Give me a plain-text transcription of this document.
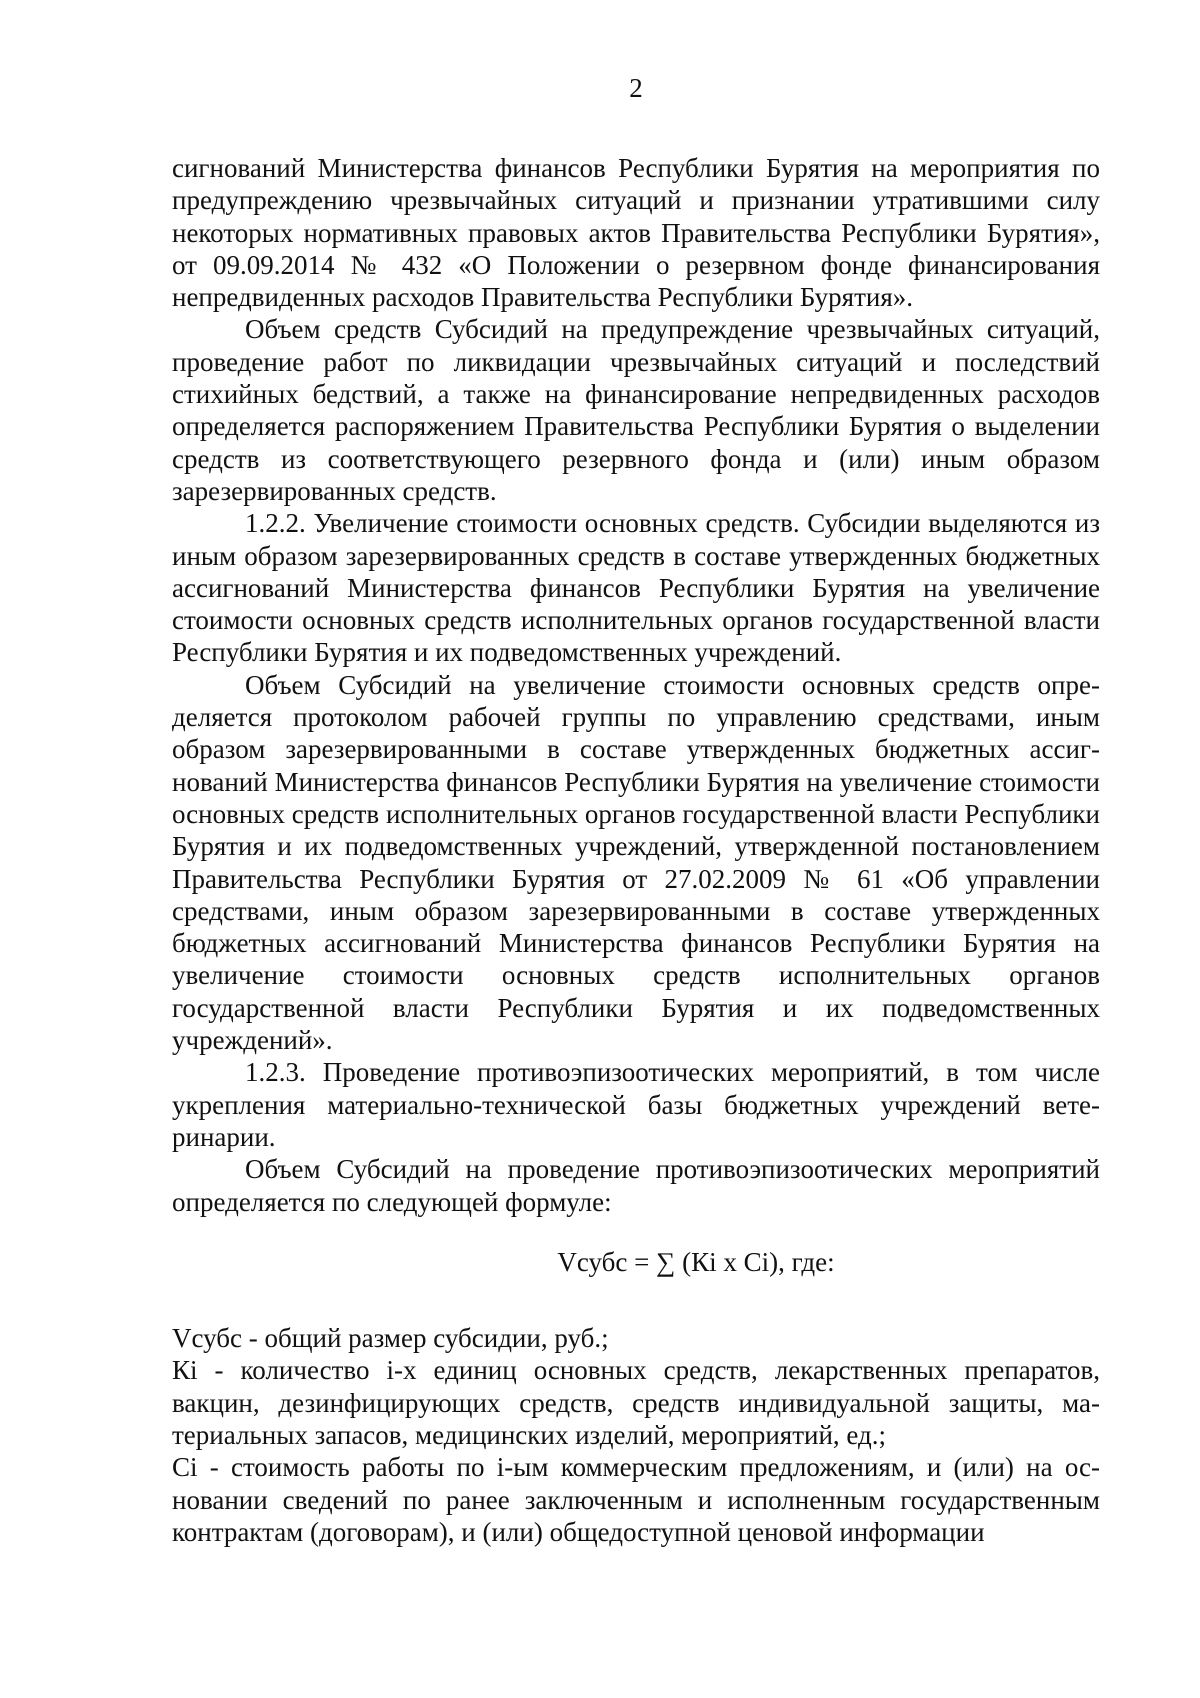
2

сигнований Министерства финансов Республики Бурятия на мероприятия по предупреждению чрезвычайных ситуаций и признании утратившими силу некоторых нормативных правовых актов Правительства Республики Бурятия», от 09.09.2014 № 432 «О Положении о резервном фонде финансирования непредвиденных расходов Правительства Республики Бурятия».

Объем средств Субсидий на предупреждение чрезвычайных ситуаций, проведение работ по ликвидации чрезвычайных ситуаций и последствий стихийных бедствий, а также на финансирование непредвиденных расходов определяется распоряжением Правительства Республики Бурятия о выделении средств из соответствующего резервного фонда и (или) иным образом зарезервированных средств.

1.2.2. Увеличение стоимости основных средств. Субсидии выделяются из иным образом зарезервированных средств в составе утвержденных бюджетных ассигнований Министерства финансов Республики Бурятия на увеличение стоимости основных средств исполнительных органов государственной власти Республики Бурятия и их подведомственных учреждений.

Объем Субсидий на увеличение стоимости основных средств определяется протоколом рабочей группы по управлению средствами, иным образом зарезервированными в составе утвержденных бюджетных ассигнований Министерства финансов Республики Бурятия на увеличение стоимости основных средств исполнительных органов государственной власти Республики Бурятия и их подведомственных учреждений, утвержденной постановлением Правительства Республики Бурятия от 27.02.2009 № 61 «Об управлении средствами, иным образом зарезервированными в составе утвержденных бюджетных ассигнований Министерства финансов Республики Бурятия на увеличение стоимости основных средств исполнительных органов государственной власти Республики Бурятия и их подведомственных учреждений».

1.2.3. Проведение противоэпизоотических мероприятий, в том числе укрепления материально-технической базы бюджетных учреждений ветеринарии.

Объем Субсидий на проведение противоэпизоотических мероприятий определяется по следующей формуле:

Vсубс = ∑ (Кi x Сi), где:

Vсубс - общий размер субсидии, руб.;

Кi - количество i-х единиц основных средств, лекарственных препаратов, вакцин, дезинфицирующих средств, средств индивидуальной защиты, материальных запасов, медицинских изделий, мероприятий, ед.;

Сi - стоимость работы по i-ым коммерческим предложениям, и (или) на основании сведений по ранее заключенным и исполненным государственным контрактам (договорам), и (или) общедоступной ценовой информации
